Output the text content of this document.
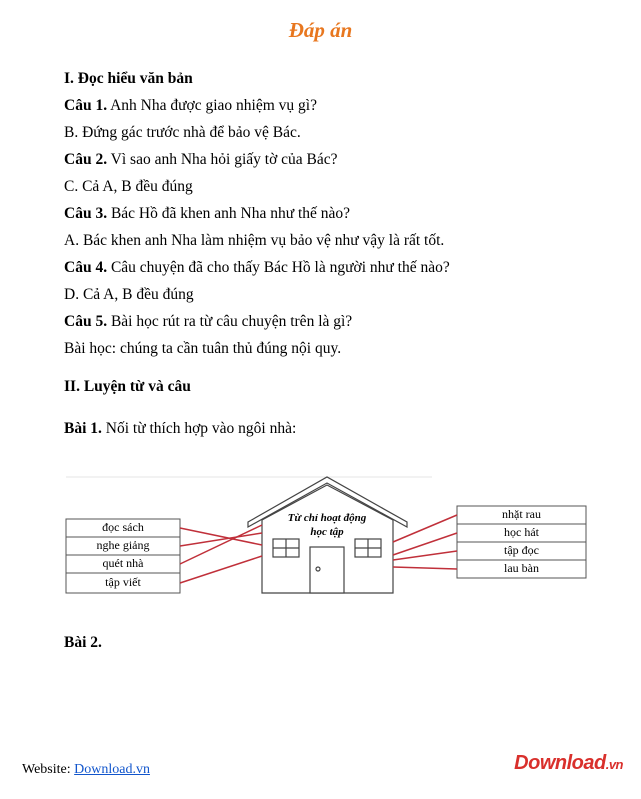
Đáp án
I. Đọc hiểu văn bản
Câu 1. Anh Nha được giao nhiệm vụ gì?
B. Đứng gác trước nhà để bảo vệ Bác.
Câu 2. Vì sao anh Nha hỏi giấy tờ của Bác?
C. Cả A, B đều đúng
Câu 3. Bác Hồ đã khen anh Nha như thế nào?
A. Bác khen anh Nha làm nhiệm vụ bảo vệ như vậy là rất tốt.
Câu 4. Câu chuyện đã cho thấy Bác Hồ là người như thế nào?
D. Cả A, B đều đúng
Câu 5. Bài học rút ra từ câu chuyện trên là gì?
Bài học: chúng ta cần tuân thủ đúng nội quy.
II. Luyện từ và câu
Bài 1. Nối từ thích hợp vào ngôi nhà:
Từ chỉ hoạt động
học tập
đọc sách
nghe giảng
quét nhà
tập viết
nhặt rau
học hát
tập đọc
lau bàn
Bài 2.
Website: Download.vn	Download.vn
